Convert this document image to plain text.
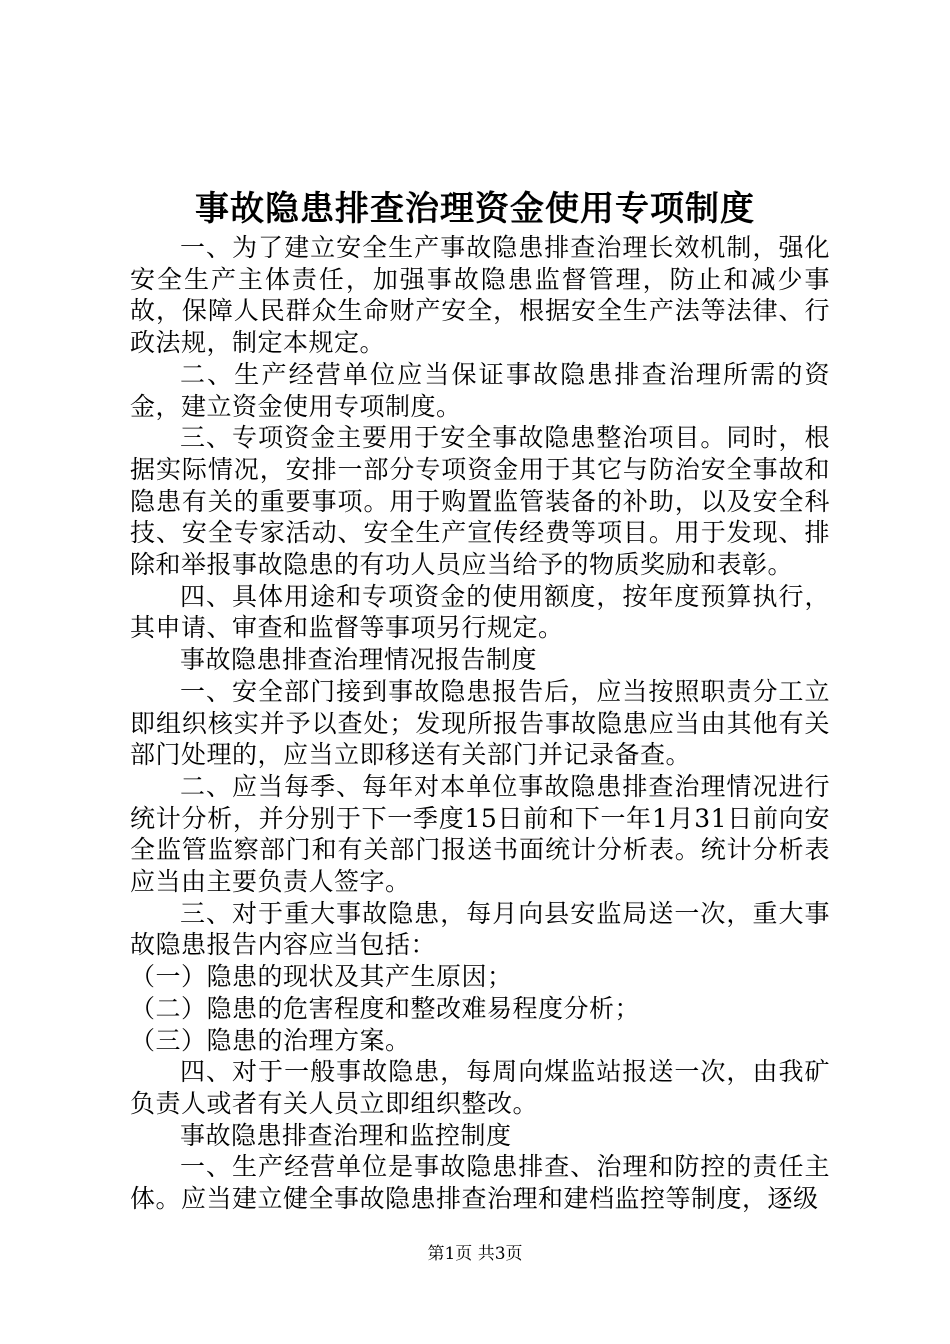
事故隐患排查治理资金使用专项制度

一、为了建立安全生产事故隐患排查治理长效机制，强化安全生产主体责任，加强事故隐患监督管理，防止和减少事故，保障人民群众生命财产安全，根据安全生产法等法律、行政法规，制定本规定。

二、生产经营单位应当保证事故隐患排查治理所需的资金，建立资金使用专项制度。

三、专项资金主要用于安全事故隐患整治项目。同时，根据实际情况，安排一部分专项资金用于其它与防治安全事故和隐患有关的重要事项。用于购置监管装备的补助，以及安全科技、安全专家活动、安全生产宣传经费等项目。用于发现、排除和举报事故隐患的有功人员应当给予的物质奖励和表彰。

四、具体用途和专项资金的使用额度，按年度预算执行，其申请、审查和监督等事项另行规定。

事故隐患排查治理情况报告制度

一、安全部门接到事故隐患报告后，应当按照职责分工立即组织核实并予以查处；发现所报告事故隐患应当由其他有关部门处理的，应当立即移送有关部门并记录备查。

二、应当每季、每年对本单位事故隐患排查治理情况进行统计分析，并分别于下一季度15日前和下一年1月31日前向安全监管监察部门和有关部门报送书面统计分析表。统计分析表应当由主要负责人签字。

三、对于重大事故隐患，每月向县安监局送一次，重大事故隐患报告内容应当包括：

（一）隐患的现状及其产生原因；

（二）隐患的危害程度和整改难易程度分析；

（三）隐患的治理方案。

四、对于一般事故隐患，每周向煤监站报送一次，由我矿负责人或者有关人员立即组织整改。

事故隐患排查治理和监控制度

一、生产经营单位是事故隐患排查、治理和防控的责任主体。应当建立健全事故隐患排查治理和建档监控等制度，逐级

第1页 共3页
